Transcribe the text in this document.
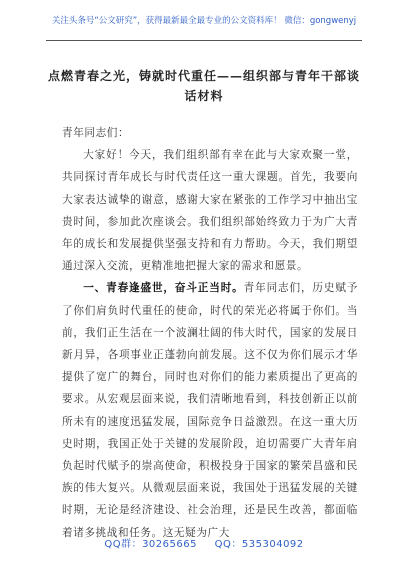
关注头条号“公文研究”，获得最新最全最专业的公文资料库！ 微信：gongwenyj
点燃青春之光，铸就时代重任——组织部与青年干部谈话材料

青年同志们：

大家好！今天，我们组织部有幸在此与大家欢聚一堂，共同探讨青年成长与时代责任这一重大课题。首先，我要向大家表达诚挚的谢意，感谢大家在紧张的工作学习中抽出宝贵时间，参加此次座谈会。我们组织部始终致力于为广大青年的成长和发展提供坚强支持和有力帮助。今天，我们期望通过深入交流，更精准地把握大家的需求和愿景。

一、青春逢盛世，奋斗正当时。青年同志们，历史赋予了你们肩负时代重任的使命，时代的荣光必将属于你们。当前，我们正生活在一个波澜壮阔的伟大时代，国家的发展日新月异，各项事业正蓬勃向前发展。这不仅为你们展示才华提供了宽广的舞台，同时也对你们的能力素质提出了更高的要求。从宏观层面来说，我们清晰地看到，科技创新正以前所未有的速度迅猛发展，国际竞争日益激烈。在这一重大历史时期，我国正处于关键的发展阶段，迫切需要广大青年肩负起时代赋予的崇高使命，积极投身于国家的繁荣昌盛和民族的伟大复兴。从微观层面来说，我国处于迅猛发展的关键时期，无论是经济建设、社会治理，还是民生改善，都面临着诸多挑战和任务。这无疑为广大

QQ群：30265665 QQ：535304092
